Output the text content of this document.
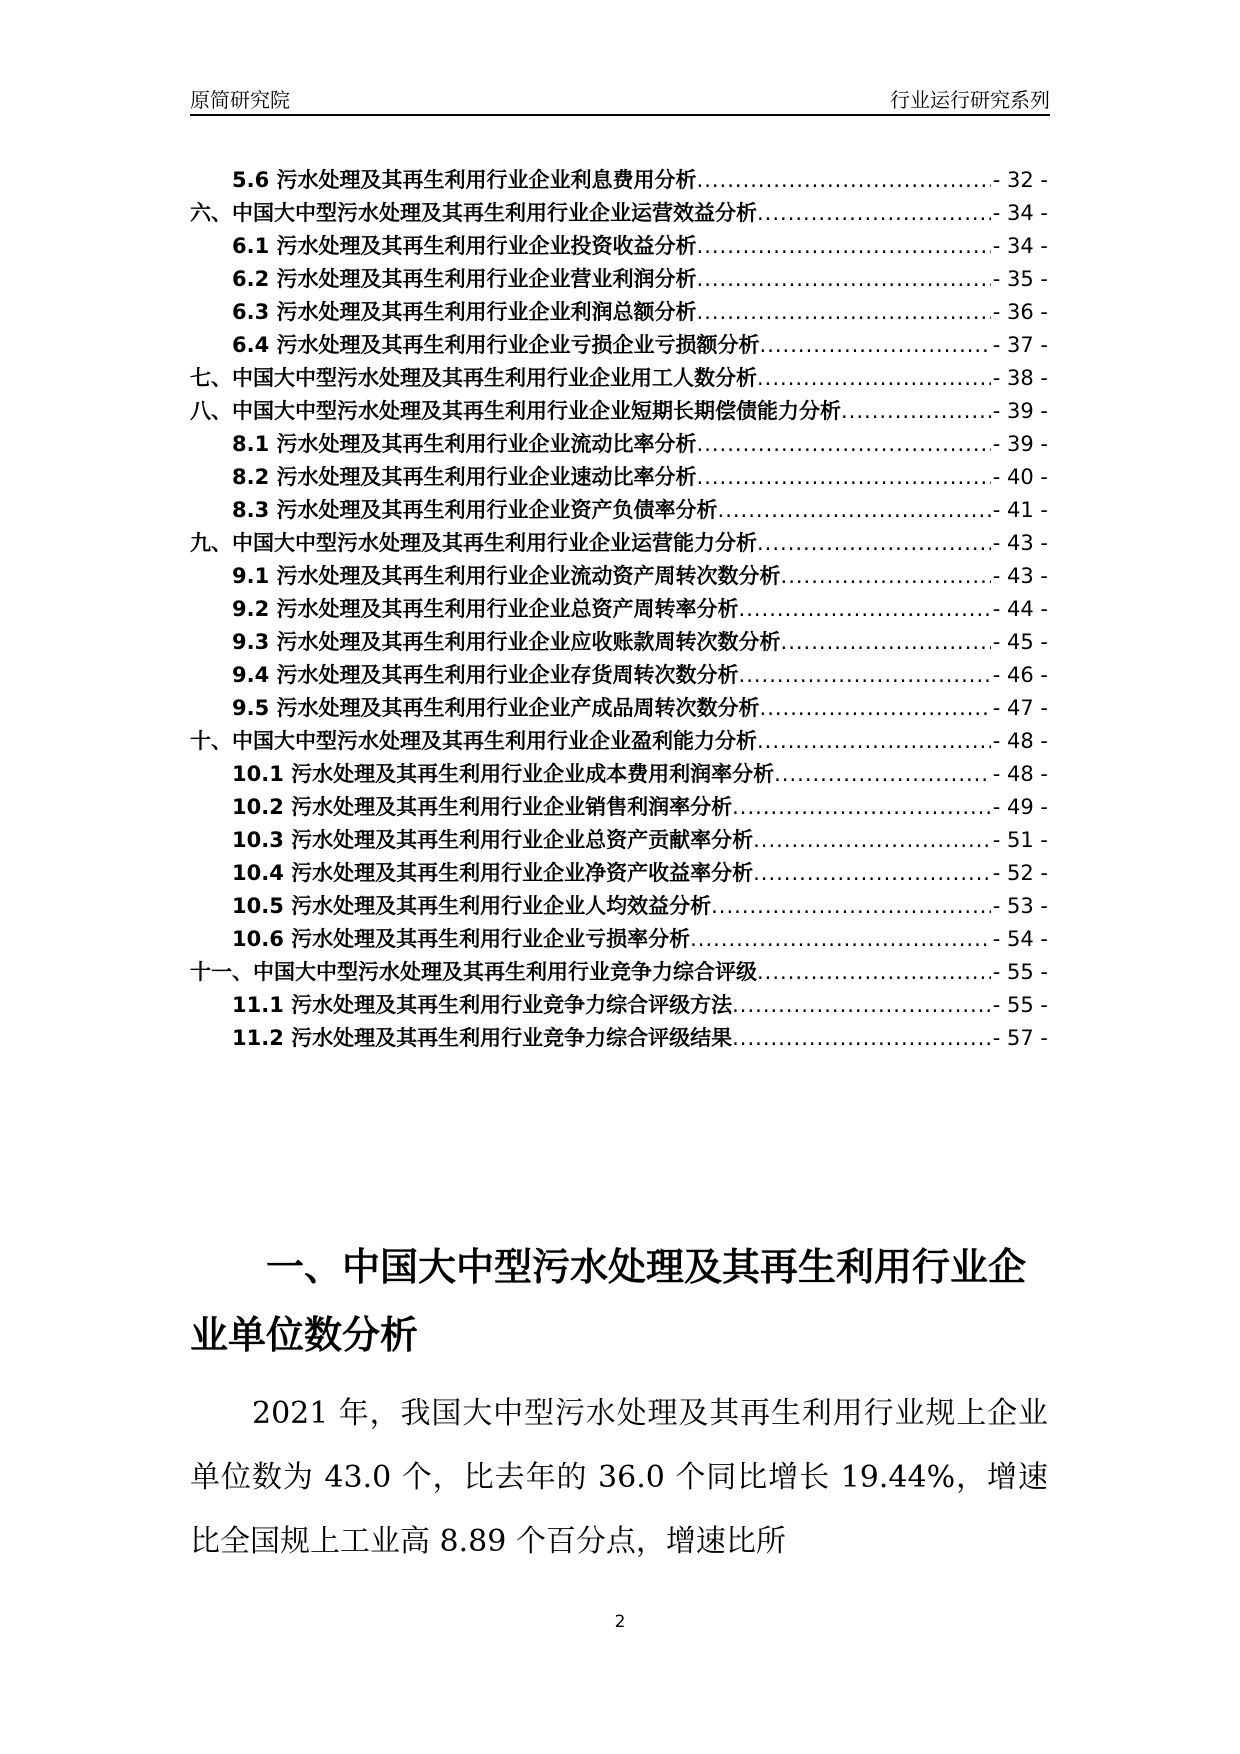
原简研究院	行业运行研究系列
5.6 污水处理及其再生利用行业企业利息费用分析 .....	- 32 -
六、中国大中型污水处理及其再生利用行业企业运营效益分析 .....	- 34 -
6.1 污水处理及其再生利用行业企业投资收益分析 .....	- 34 -
6.2 污水处理及其再生利用行业企业营业利润分析 .....	- 35 -
6.3 污水处理及其再生利用行业企业利润总额分析 .....	- 36 -
6.4 污水处理及其再生利用行业企业亏损企业亏损额分析 .....	- 37 -
七、中国大中型污水处理及其再生利用行业企业用工人数分析 .....	- 38 -
八、中国大中型污水处理及其再生利用行业企业短期长期偿债能力分析 .....	- 39 -
8.1 污水处理及其再生利用行业企业流动比率分析 .....	- 39 -
8.2 污水处理及其再生利用行业企业速动比率分析 .....	- 40 -
8.3 污水处理及其再生利用行业企业资产负债率分析 .....	- 41 -
九、中国大中型污水处理及其再生利用行业企业运营能力分析 .....	- 43 -
9.1 污水处理及其再生利用行业企业流动资产周转次数分析 .....	- 43 -
9.2 污水处理及其再生利用行业企业总资产周转率分析 .....	- 44 -
9.3 污水处理及其再生利用行业企业应收账款周转次数分析 .....	- 45 -
9.4 污水处理及其再生利用行业企业存货周转次数分析 .....	- 46 -
9.5 污水处理及其再生利用行业企业产成品周转次数分析 .....	- 47 -
十、中国大中型污水处理及其再生利用行业企业盈利能力分析 .....	- 48 -
10.1 污水处理及其再生利用行业企业成本费用利润率分析 .....	- 48 -
10.2 污水处理及其再生利用行业企业销售利润率分析 .....	- 49 -
10.3 污水处理及其再生利用行业企业总资产贡献率分析 .....	- 51 -
10.4 污水处理及其再生利用行业企业净资产收益率分析 .....	- 52 -
10.5 污水处理及其再生利用行业企业人均效益分析 .....	- 53 -
10.6 污水处理及其再生利用行业企业亏损率分析 .....	- 54 -
十一、中国大中型污水处理及其再生利用行业竞争力综合评级 .....	- 55 -
11.1 污水处理及其再生利用行业竞争力综合评级方法 .....	- 55 -
11.2 污水处理及其再生利用行业竞争力综合评级结果 .....	- 57 -
一、中国大中型污水处理及其再生利用行业企业单位数分析

2021 年，我国大中型污水处理及其再生利用行业规上企业单位数为 43.0 个，比去年的 36.0 个同比增长 19.44%，增速比全国规上工业高 8.89 个百分点，增速比所

2
